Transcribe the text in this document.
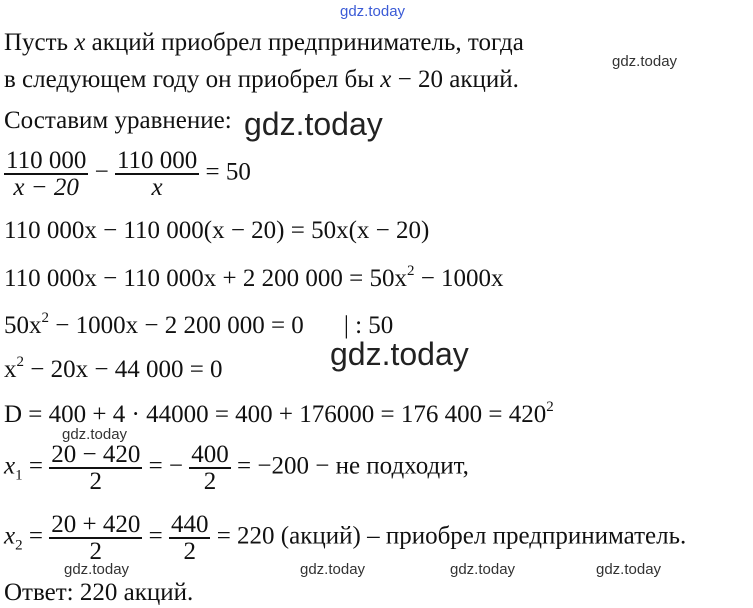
gdz.today
gdz.today
gdz.today
gdz.today
gdz.today
gdz.today	gdz.today	gdz.today	gdz.today
Пусть x акций приобрел предприниматель, тогда
в следующем году он приобрел бы x − 20 акций.
Составим уравнение:
$\frac{110 000}{x - 20} - \frac{110 000}{x} = 50$
110 000x − 110 000(x − 20) = 50x(x − 20)
110 000x − 110 000x + 2 200 $000 = 50x^2 - 1000x$
$50x^2 - 1000x - 2$ 200 000 = 0 | : 50
$x^2 - 20x - 44$ 000 = 0
D = 400 + 4 · 44000 = 400 + 176000 = 176 $400 = 420^2$
$x_1 = \frac{20 - 420}{2}$ = − $\frac{400}{2} = -200$ − не подходит,
$x_2 = \frac{20 + 420}{2} = \frac{440}{2} = 220$ (акций) – приобрел предприниматель.
Ответ: 220 акций.
